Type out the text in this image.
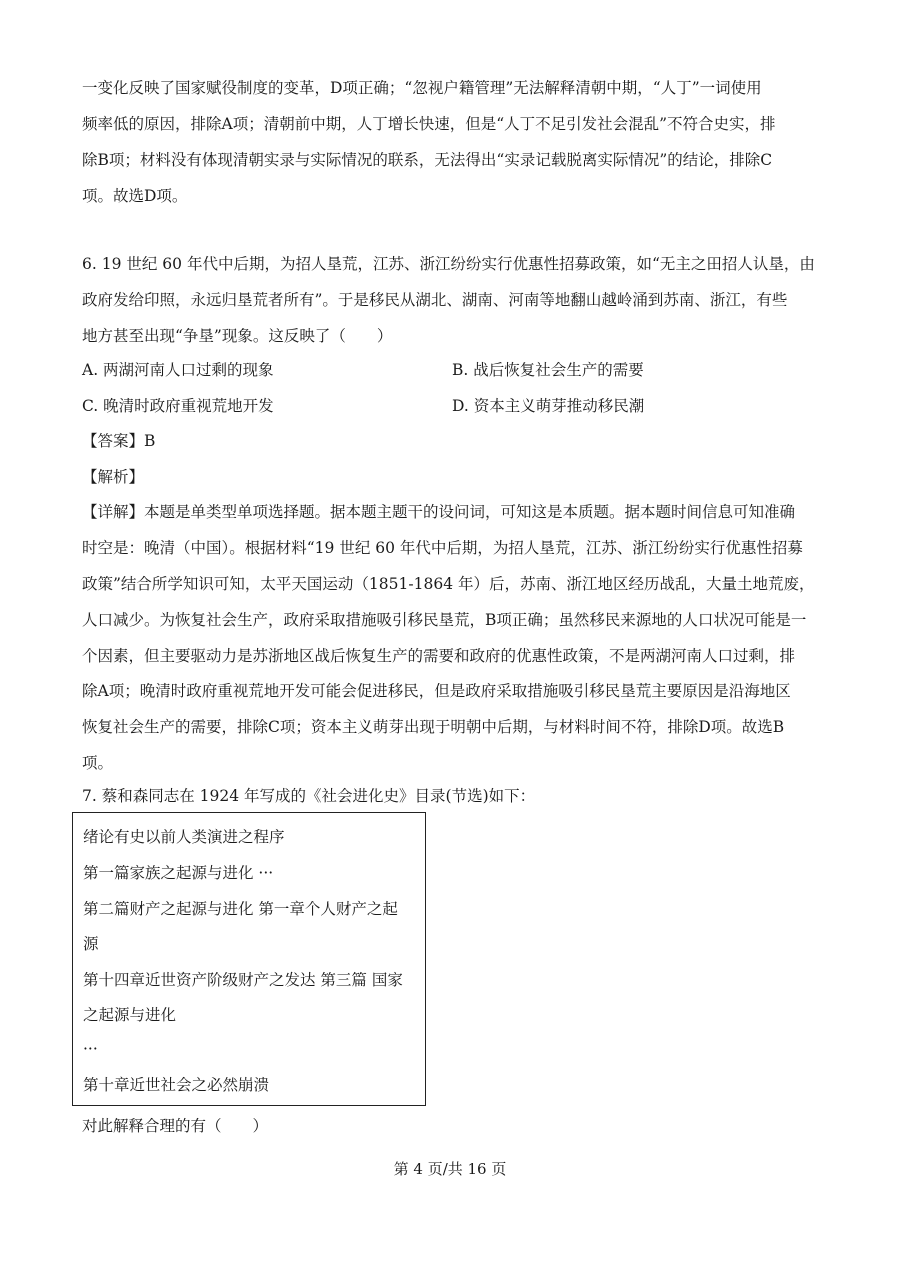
一变化反映了国家赋役制度的变革，D项正确；“忽视户籍管理”无法解释清朝中期，“人丁”一词使用
频率低的原因，排除A项；清朝前中期，人丁增长快速，但是“人丁不足引发社会混乱”不符合史实，排
除B项；材料没有体现清朝实录与实际情况的联系，无法得出“实录记载脱离实际情况”的结论，排除C
项。故选D项。
6. 19 世纪 60 年代中后期，为招人垦荒，江苏、浙江纷纷实行优惠性招募政策，如“无主之田招人认垦，由
政府发给印照，永远归垦荒者所有”。于是移民从湖北、湖南、河南等地翻山越岭涌到苏南、浙江，有些
地方甚至出现“争垦”现象。这反映了（　　）
A. 两湖河南人口过剩的现象	B. 战后恢复社会生产的需要
C. 晚清时政府重视荒地开发	D. 资本主义萌芽推动移民潮
【答案】B
【解析】
【详解】本题是单类型单项选择题。据本题主题干的设问词，可知这是本质题。据本题时间信息可知准确
时空是：晚清（中国）。根据材料“19 世纪 60 年代中后期，为招人垦荒，江苏、浙江纷纷实行优惠性招募
政策”结合所学知识可知，太平天国运动（1851-1864 年）后，苏南、浙江地区经历战乱，大量土地荒废，
人口减少。为恢复社会生产，政府采取措施吸引移民垦荒，B项正确；虽然移民来源地的人口状况可能是一
个因素，但主要驱动力是苏浙地区战后恢复生产的需要和政府的优惠性政策，不是两湖河南人口过剩，排
除A项；晚清时政府重视荒地开发可能会促进移民，但是政府采取措施吸引移民垦荒主要原因是沿海地区
恢复社会生产的需要，排除C项；资本主义萌芽出现于明朝中后期，与材料时间不符，排除D项。故选B
项。
7. 蔡和森同志在 1924 年写成的《社会进化史》目录(节选)如下：
绪论有史以前人类演进之程序
第一篇家族之起源与进化 ···
第二篇财产之起源与进化 第一章个人财产之起
源
第十四章近世资产阶级财产之发达 第三篇 国家
之起源与进化
···
第十章近世社会之必然崩溃
对此解释合理的有（　　）
第 4 页/共 16 页
